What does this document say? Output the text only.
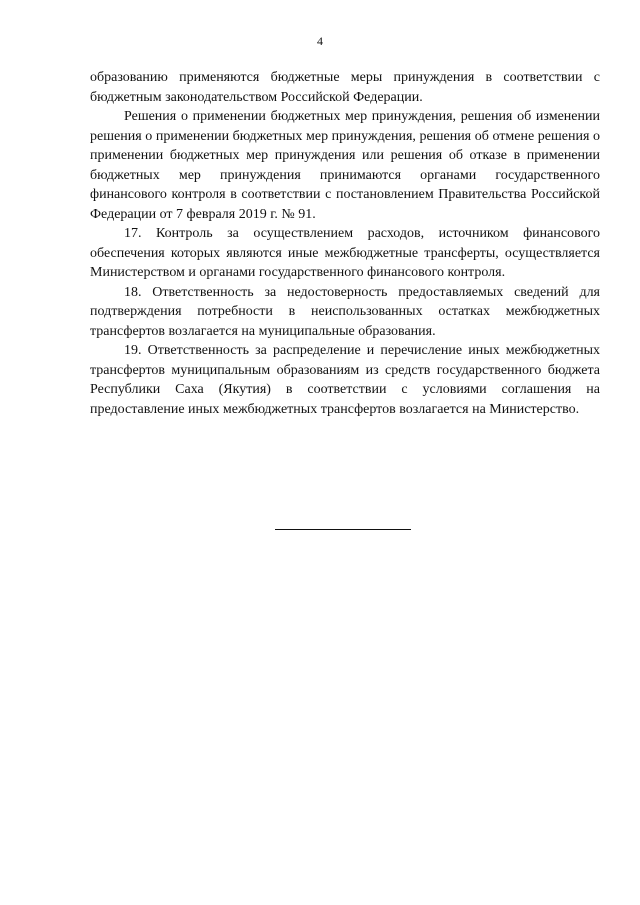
4

образованию применяются бюджетные меры принуждения в соответствии с бюджетным законодательством Российской Федерации.

Решения о применении бюджетных мер принуждения, решения об изменении решения о применении бюджетных мер принуждения, решения об отмене решения о применении бюджетных мер принуждения или решения об отказе в применении бюджетных мер принуждения принимаются органами государственного финансового контроля в соответствии с постановлением Правительства Российской Федерации от 7 февраля 2019 г. № 91.

17. Контроль за осуществлением расходов, источником финансового обеспечения которых являются иные межбюджетные трансферты, осуществляется Министерством и органами государственного финансового контроля.

18. Ответственность за недостоверность предоставляемых сведений для подтверждения потребности в неиспользованных остатках межбюджетных трансфертов возлагается на муниципальные образования.

19. Ответственность за распределение и перечисление иных межбюджетных трансфертов муниципальным образованиям из средств государственного бюджета Республики Саха (Якутия) в соответствии с условиями соглашения на предоставление иных межбюджетных трансфертов возлагается на Министерство.
